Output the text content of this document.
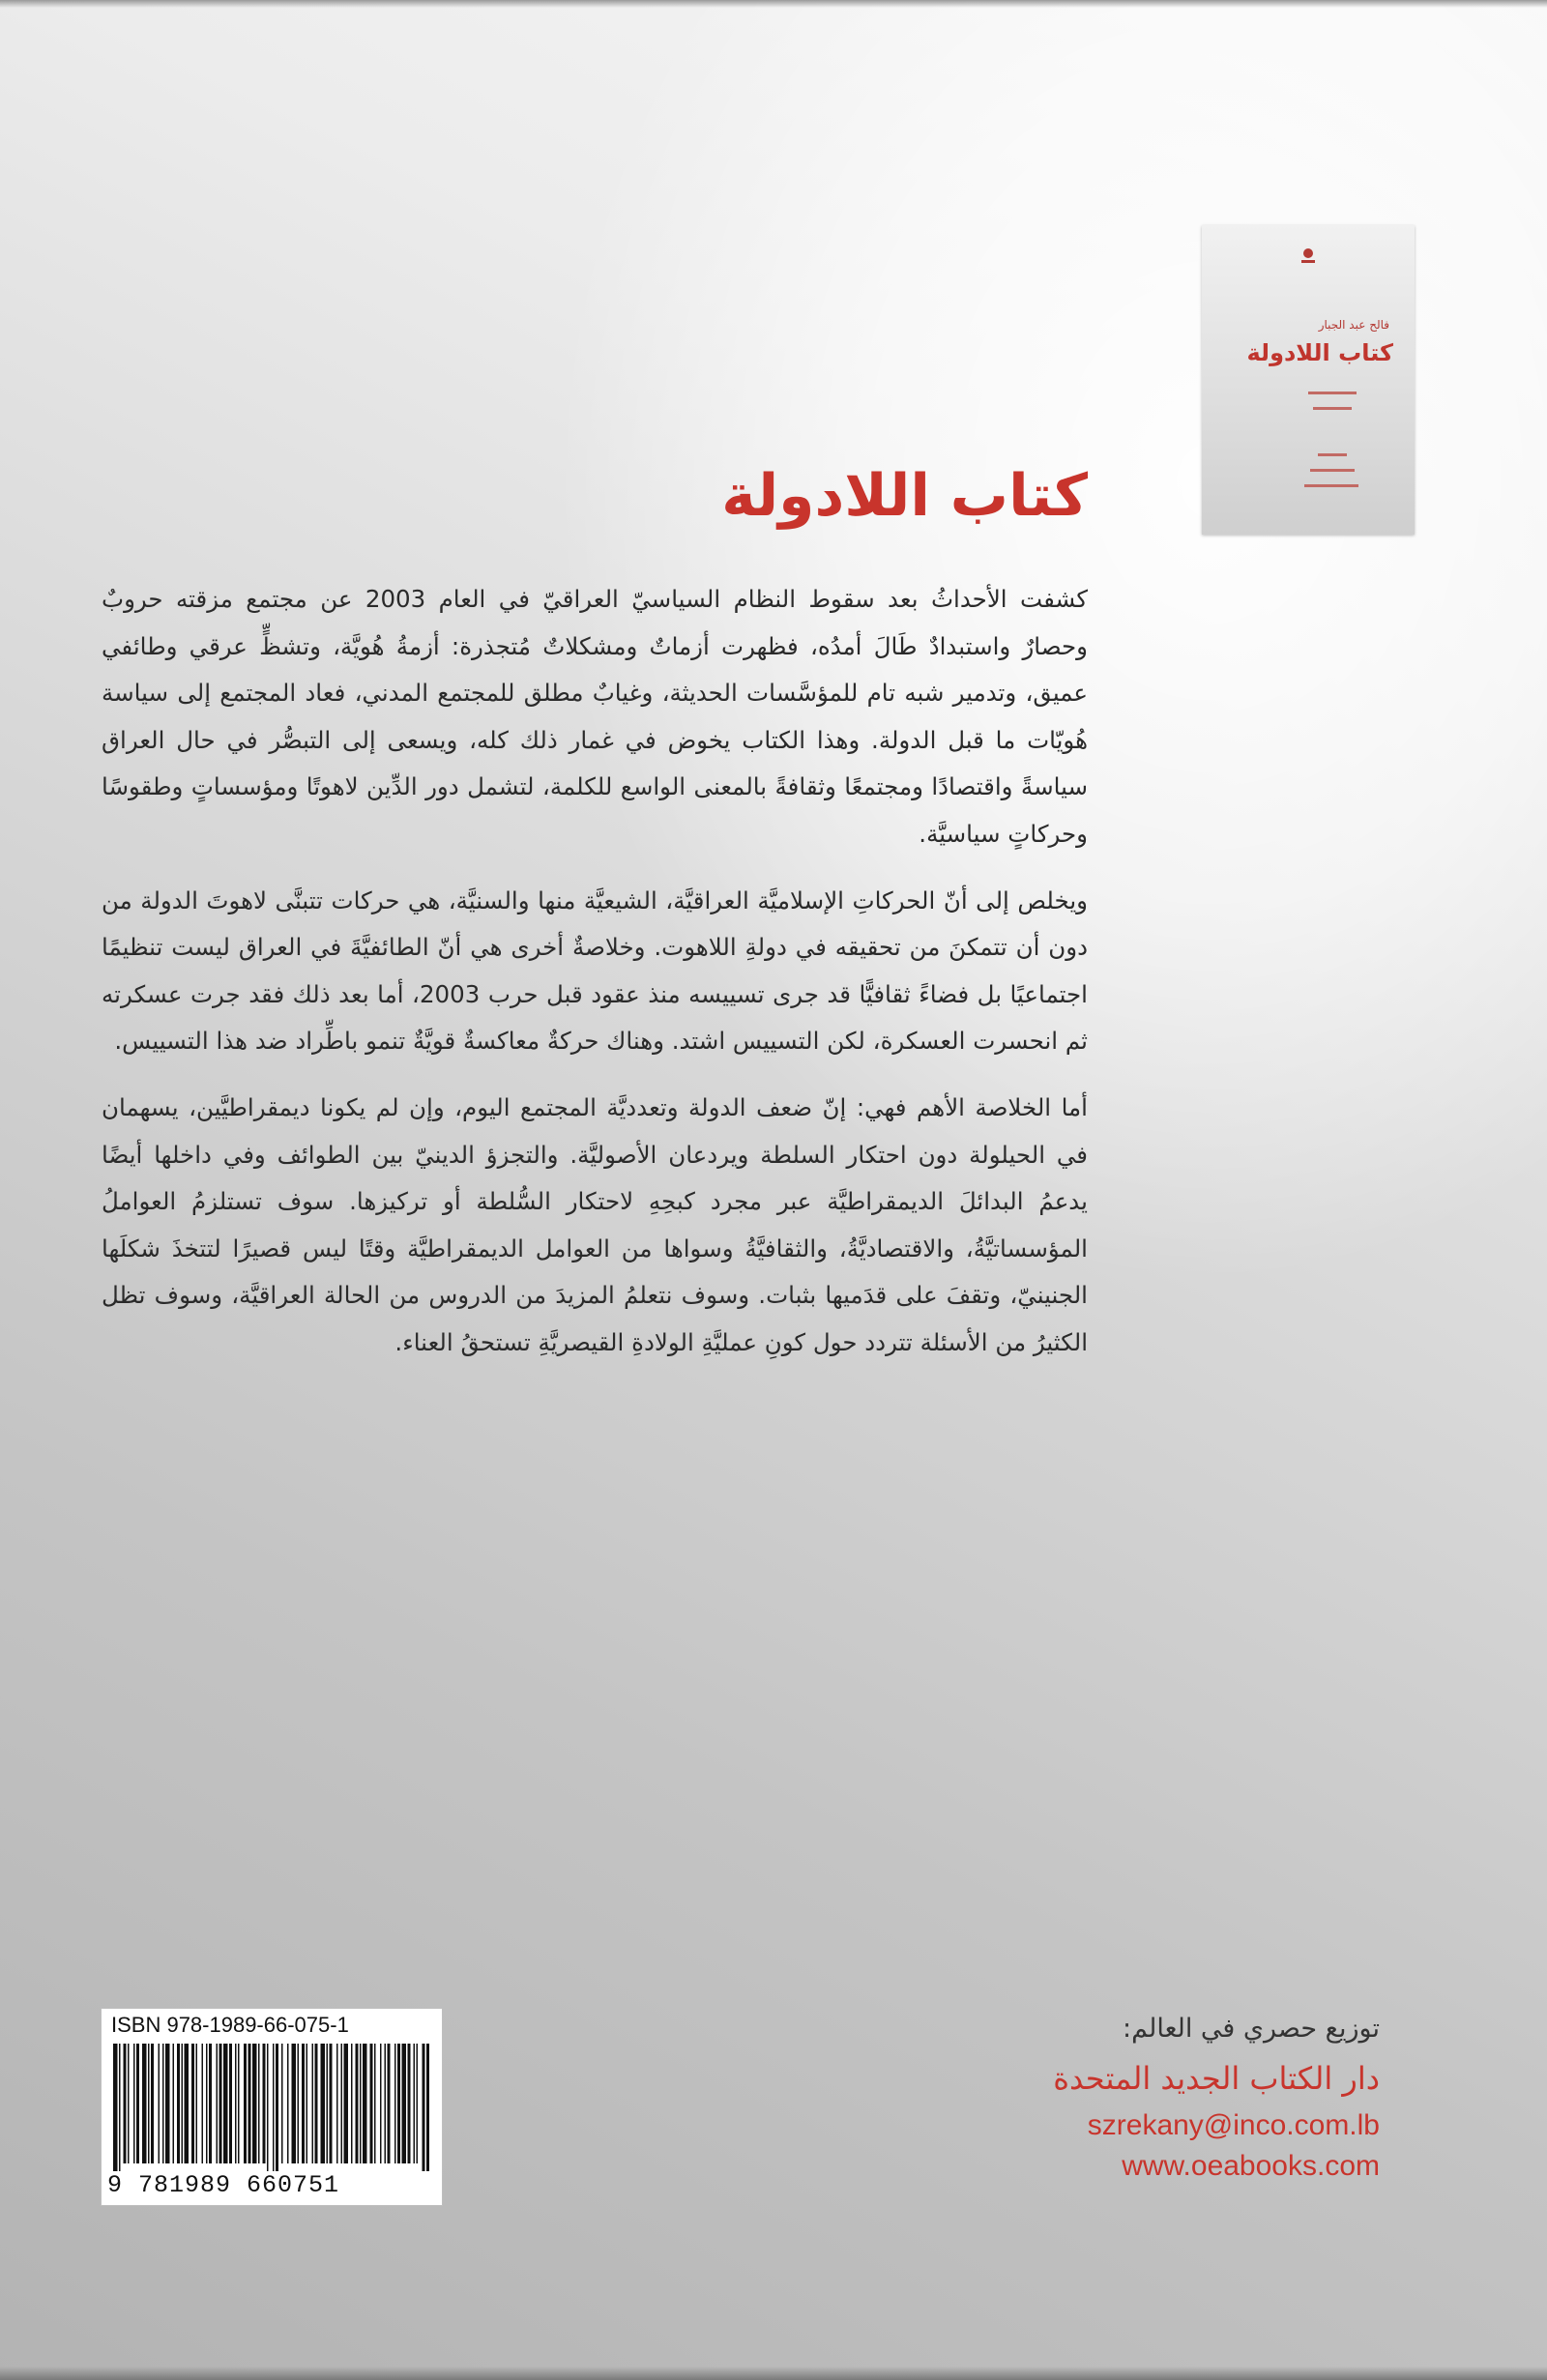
فالح عبد الجبار
كتاب اللادولة
كتاب اللادولة

كشفت الأحداثُ بعد سقوط النظام السياسيّ العراقيّ في العام 2003 عن مجتمع مزقته حروبٌ وحصارٌ واستبدادٌ طَالَ أمدُه، فظهرت أزماتٌ ومشكلاتٌ مُتجذرة: أزمةُ هُويَّة، وتشظٍّ عرقي وطائفي عميق، وتدمير شبه تام للمؤسَّسات الحديثة، وغيابٌ مطلق للمجتمع المدني، فعاد المجتمع إلى سياسة هُويّات ما قبل الدولة. وهذا الكتاب يخوض في غمار ذلك كله، ويسعى إلى التبصُّر في حال العراق سياسةً واقتصادًا ومجتمعًا وثقافةً بالمعنى الواسع للكلمة، لتشمل دور الدِّين لاهوتًا ومؤسساتٍ وطقوسًا وحركاتٍ سياسيَّة.

ويخلص إلى أنّ الحركاتِ الإسلاميَّة العراقيَّة، الشيعيَّة منها والسنيَّة، هي حركات تتبنَّى لاهوتَ الدولة من دون أن تتمكنَ من تحقيقه في دولةِ اللاهوت. وخلاصةٌ أخرى هي أنّ الطائفيَّةَ في العراق ليست تنظيمًا اجتماعيًا بل فضاءً ثقافيًّا قد جرى تسييسه منذ عقود قبل حرب 2003، أما بعد ذلك فقد جرت عسكرته ثم انحسرت العسكرة، لكن التسييس اشتد. وهناك حركةٌ معاكسةٌ قويَّةٌ تنمو باطِّراد ضد هذا التسييس.

أما الخلاصة الأهم فهي: إنّ ضعف الدولة وتعدديَّة المجتمع اليوم، وإن لم يكونا ديمقراطيَّين، يسهمان في الحيلولة دون احتكار السلطة ويردعان الأصوليَّة. والتجزؤ الدينيّ بين الطوائف وفي داخلها أيضًا يدعمُ البدائلَ الديمقراطيَّة عبر مجرد كبحِهِ لاحتكار السُّلطة أو تركيزها. سوف تستلزمُ العواملُ المؤسساتيَّةُ، والاقتصاديَّةُ، والثقافيَّةُ وسواها من العوامل الديمقراطيَّة وقتًا ليس قصيرًا لتتخذَ شكلَها الجنينيّ، وتقفَ على قدَميها بثبات. وسوف نتعلمُ المزيدَ من الدروس من الحالة العراقيَّة، وسوف تظل الكثيرُ من الأسئلة تتردد حول كونِ عمليَّةِ الولادةِ القيصريَّةِ تستحقُ العناء.

ISBN 978-1989-66-075-1
9 781989 660751
توزيع حصري في العالم:
دار الكتاب الجديد المتحدة
szrekany@inco.com.lb
www.oeabooks.com
